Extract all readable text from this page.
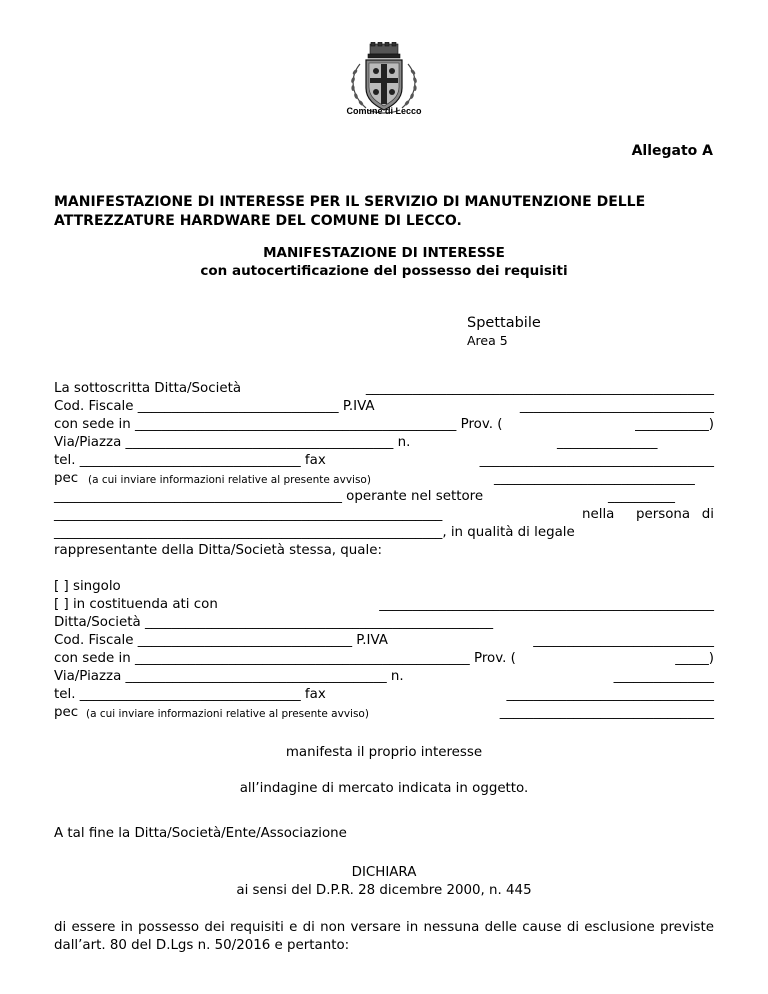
Comune di Lecco
Allegato A
MANIFESTAZIONE DI INTERESSE PER IL SERVIZIO DI MANUTENZIONE DELLE ATTREZZATURE HARDWARE DEL COMUNE DI LECCO.
MANIFESTAZIONE DI INTERESSE
con autocertificazione del possesso dei requisiti
Spettabile
Area 5
La sottoscritta Ditta/Società	____________________________________________________
Cod. Fiscale ______________________________ P.IVA	_____________________________
con sede in ________________________________________________ Prov. (	___________)
Via/Piazza ________________________________________ n.	_______________
tel. _________________________________ fax	___________________________________
pec (a cui inviare informazioni relative al presente avviso)	______________________________
___________________________________________ operante nel settore	__________
__________________________________________________________	nella persona di
__________________________________________________________, in qualità di legale
rappresentante della Ditta/Società stessa, quale:
[ ] singolo
[ ] in costituenda ati con	__________________________________________________
Ditta/Società ____________________________________________________
Cod. Fiscale ________________________________ P.IVA	___________________________
con sede in __________________________________________________ Prov. (	_____)
Via/Piazza _______________________________________ n.	_______________
tel. _________________________________ fax	_______________________________
pec (a cui inviare informazioni relative al presente avviso)	________________________________
manifesta il proprio interesse
all’indagine di mercato indicata in oggetto.
A tal fine la Ditta/Società/Ente/Associazione
DICHIARA
ai sensi del D.P.R. 28 dicembre 2000, n. 445
di essere in possesso dei requisiti e di non versare in nessuna delle cause di esclusione previste dall’art. 80 del D.Lgs n. 50/2016 e pertanto:
